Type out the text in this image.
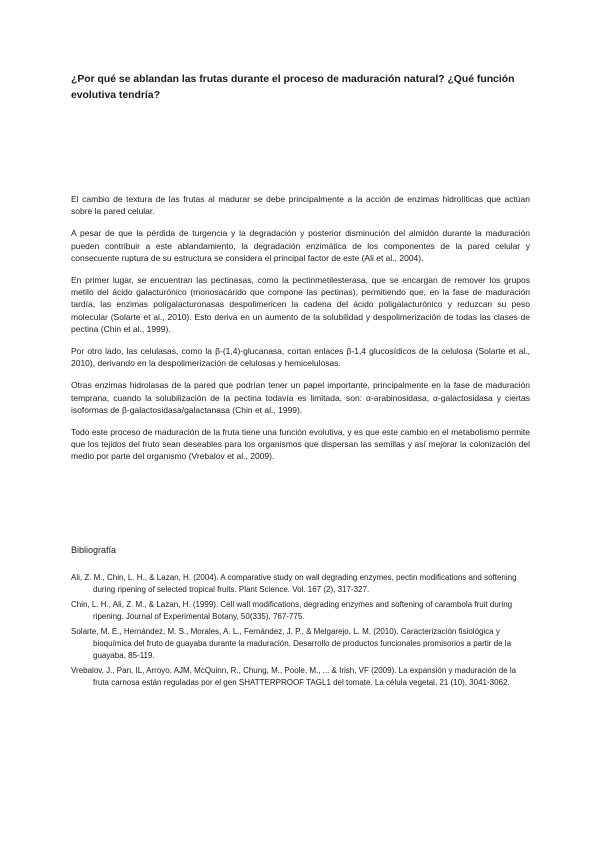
¿Por qué se ablandan las frutas durante el proceso de maduración natural? ¿Qué función evolutiva tendría?

El cambio de textura de las frutas al madurar se debe principalmente a la acción de enzimas hidrolíticas que actúan sobre la pared celular.

A pesar de que la pérdida de turgencia y la degradación y posterior disminución del almidón durante la maduración pueden contribuir a este ablandamiento, la degradación enzimática de los componentes de la pared celular y consecuente ruptura de su estructura se considera el principal factor de este (Ali et al., 2004).

En primer lugar, se encuentran las pectinasas, como la pectinmetilesterasa, que se encargan de remover los grupos metilo del ácido galacturónico (monosacárido que compone las pectinas), permitiendo que, en la fase de maduración tardía, las enzimas poligalacturonasas despolimericen la cadena del ácido poligalacturónico y reduzcan su peso molecular (Solarte et al., 2010). Esto deriva en un aumento de la solubilidad y despolimerización de todas las clases de pectina (Chin et al., 1999).

Por otro lado, las celulasas, como la β-(1,4)-glucanasa, cortan enlaces β-1,4 glucosídicos de la celulosa (Solarte et al., 2010), derivando en la despolimerización de celulosas y hemicelulosas.

Otras enzimas hidrolasas de la pared que podrían tener un papel importante, principalmente en la fase de maduración temprana, cuando la solubilización de la pectina todavía es limitada, son: α-arabinosidasa, α-galactosidasa y ciertas isoformas de β-galactosidasa/galactanasa (Chin et al., 1999).

Todo este proceso de maduración de la fruta tiene una función evolutiva, y es que este cambio en el metabolismo permite que los tejidos del fruto sean deseables para los organismos que dispersan las semillas y así mejorar la colonización del medio por parte del organismo (Vrebalov et al., 2009).

Bibliografía

Ali, Z. M., Chin, L. H., & Lazan, H. (2004). A comparative study on wall degrading enzymes, pectin modifications and softening during ripening of selected tropical fruits. Plant Science. Vol. 167 (2), 317-327.

Chin, L. H., Ali, Z. M., & Lazan, H. (1999). Cell wall modifications, degrading enzymes and softening of carambola fruit during ripening. Journal of Experimental Botany, 50(335), 767-775.

Solarte, M. E., Hernández, M. S., Morales, A. L., Fernández, J. P., & Melgarejo, L. M. (2010). Caracterización fisiológica y bioquímica del fruto de guayaba durante la maduración. Desarrollo de productos funcionales promisorios a partir de la guayaba, 85-119.

Vrebalov, J., Pan, IL, Arroyo, AJM, McQuinn, R., Chung, M., Poole, M., ... & Irish, VF (2009). La expansión y maduración de la fruta carnosa están reguladas por el gen SHATTERPROOF TAGL1 del tomate. La célula vegetal, 21 (10), 3041-3062.
